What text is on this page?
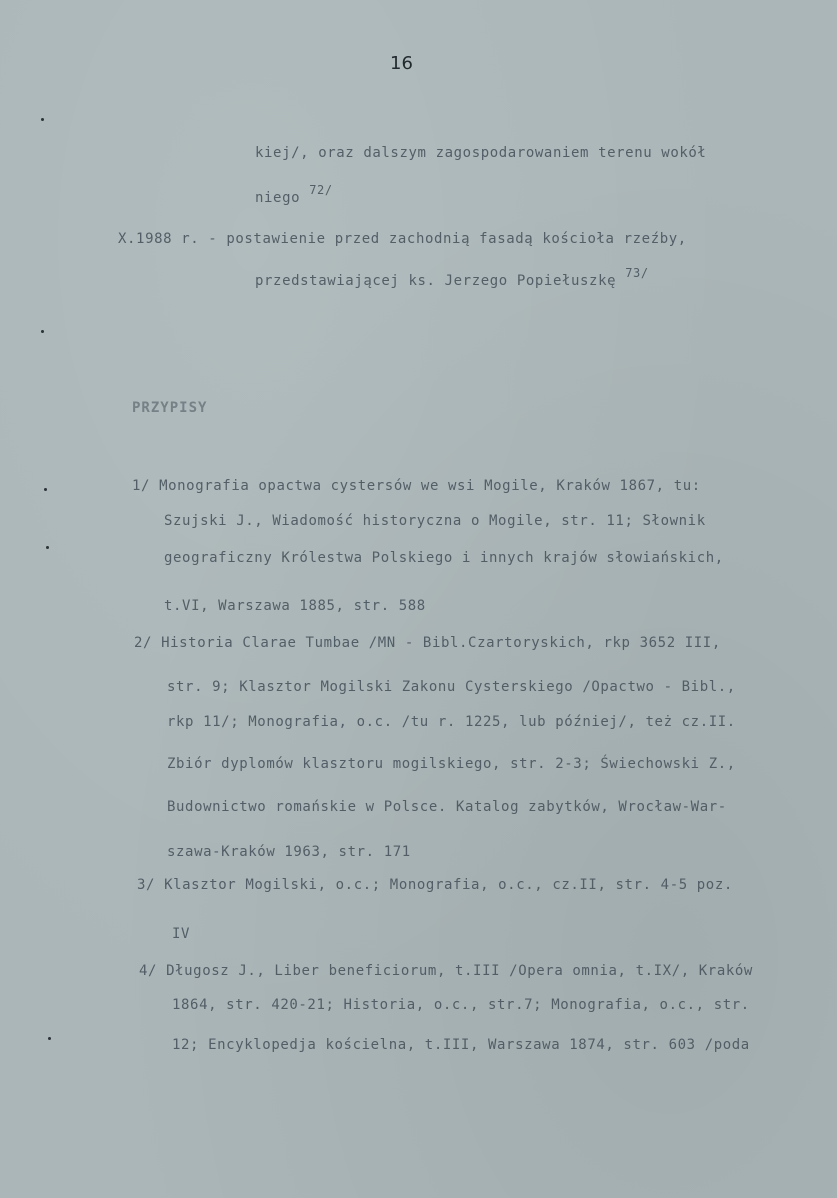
16
kiej/, oraz dalszym zagospodarowaniem terenu wokół
niego 72/
X.1988 r. - postawienie przed zachodnią fasadą kościoła rzeźby,
przedstawiającej ks. Jerzego Popiełuszkę 73/
PRZYPISY
1/ Monografia opactwa cystersów we wsi Mogile, Kraków 1867, tu:
Szujski J., Wiadomość historyczna o Mogile, str. 11; Słownik
geograficzny Królestwa Polskiego i innych krajów słowiańskich,
t.VI, Warszawa 1885, str. 588
2/ Historia Clarae Tumbae /MN - Bibl.Czartoryskich, rkp 3652 III,
str. 9; Klasztor Mogilski Zakonu Cysterskiego /Opactwo - Bibl.,
rkp 11/; Monografia, o.c. /tu r. 1225, lub później/, też cz.II.
Zbiór dyplomów klasztoru mogilskiego, str. 2-3; Świechowski Z.,
Budownictwo romańskie w Polsce. Katalog zabytków, Wrocław-War-
szawa-Kraków 1963, str. 171
3/ Klasztor Mogilski, o.c.; Monografia, o.c., cz.II, str. 4-5 poz.
IV
4/ Długosz J., Liber beneficiorum, t.III /Opera omnia, t.IX/, Kraków
1864, str. 420-21; Historia, o.c., str.7; Monografia, o.c., str.
12; Encyklopedja kościelna, t.III, Warszawa 1874, str. 603 /poda
